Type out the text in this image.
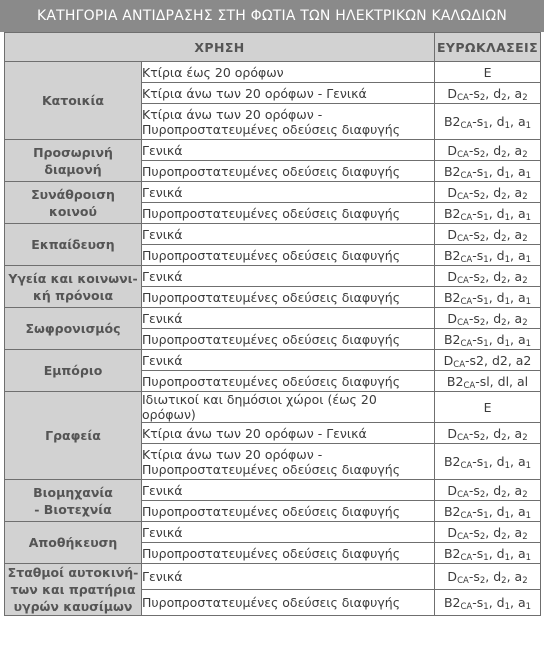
ΚΑΤΗΓΟΡΙΑ ΑΝΤΙΔΡΑΣΗΣ ΣΤΗ ΦΩΤΙΑ ΤΩΝ ΗΛΕΚΤΡΙΚΩΝ ΚΑΛΩΔΙΩΝ
ΧΡΗΣΗ		ΕΥΡΩΚΛΑΣΕΙΣ
Κατοικία	Κτίρια έως 20 ορόφων	E
	Κτίρια άνω των 20 ορόφων - Γενικά	$D_{CA}-s_2$, $d_2$, $a_2$
	Κτίρια άνω των 20 ορόφων -
Πυροπροστατευμένες οδεύσεις διαφυγής	$B2_{CA}-s_1$, $d_1$, $a_1$
Προσωρινή
διαμονή	Γενικά	$D_{CA}-s_2$, $d_2$, $a_2$
	Πυροπροστατευμένες οδεύσεις διαφυγής	$B2_{CA}-s_1$, $d_1$, $a_1$
Συνάθροιση
κοινού	Γενικά	$D_{CA}-s_2$, $d_2$, $a_2$
	Πυροπροστατευμένες οδεύσεις διαφυγής	$B2_{CA}-s_1$, $d_1$, $a_1$
Εκπαίδευση	Γενικά	$D_{CA}-s_2$, $d_2$, $a_2$
	Πυροπροστατευμένες οδεύσεις διαφυγής	$B2_{CA}-s_1$, $d_1$, $a_1$
Υγεία και κοινωνι-
κή πρόνοια	Γενικά	$D_{CA}-s_2$, $d_2$, $a_2$
	Πυροπροστατευμένες οδεύσεις διαφυγής	$B2_{CA}-s_1$, $d_1$, $a_1$
Σωφρονισμός	Γενικά	$D_{CA}-s_2$, $d_2$, $a_2$
	Πυροπροστατευμένες οδεύσεις διαφυγής	$B2_{CA}-s_1$, $d_1$, $a_1$
Εμπόριο	Γενικά	$D_{CA}-s2$, d2, a2
	Πυροπροστατευμένες οδεύσεις διαφυγής	$B2_{CA}-sl$, dl, al
Γραφεία	Ιδιωτικοί και δημόσιοι χώροι (έως 20 ορόφων)	E
	Κτίρια άνω των 20 ορόφων - Γενικά	$D_{CA}-s_2$, $d_2$, $a_2$
	Κτίρια άνω των 20 ορόφων -
Πυροπροστατευμένες οδεύσεις διαφυγής	$B2_{CA}-s_1$, $d_1$, $a_1$
Βιομηχανία
- Βιοτεχνία	Γενικά	$D_{CA}-s_2$, $d_2$, $a_2$
	Πυροπροστατευμένες οδεύσεις διαφυγής	$B2_{CA}-s_1$, $d_1$, $a_1$
Αποθήκευση	Γενικά	$D_{CA}-s_2$, $d_2$, $a_2$
	Πυροπροστατευμένες οδεύσεις διαφυγής	$B2_{CA}-s_1$, $d_1$, $a_1$
Σταθμοί αυτοκινή-
των και πρατήρια
υγρών καυσίμων	Γενικά	$D_{CA}-s_2$, $d_2$, $a_2$
	Πυροπροστατευμένες οδεύσεις διαφυγής	$B2_{CA}-s_1$, $d_1$, $a_1$
